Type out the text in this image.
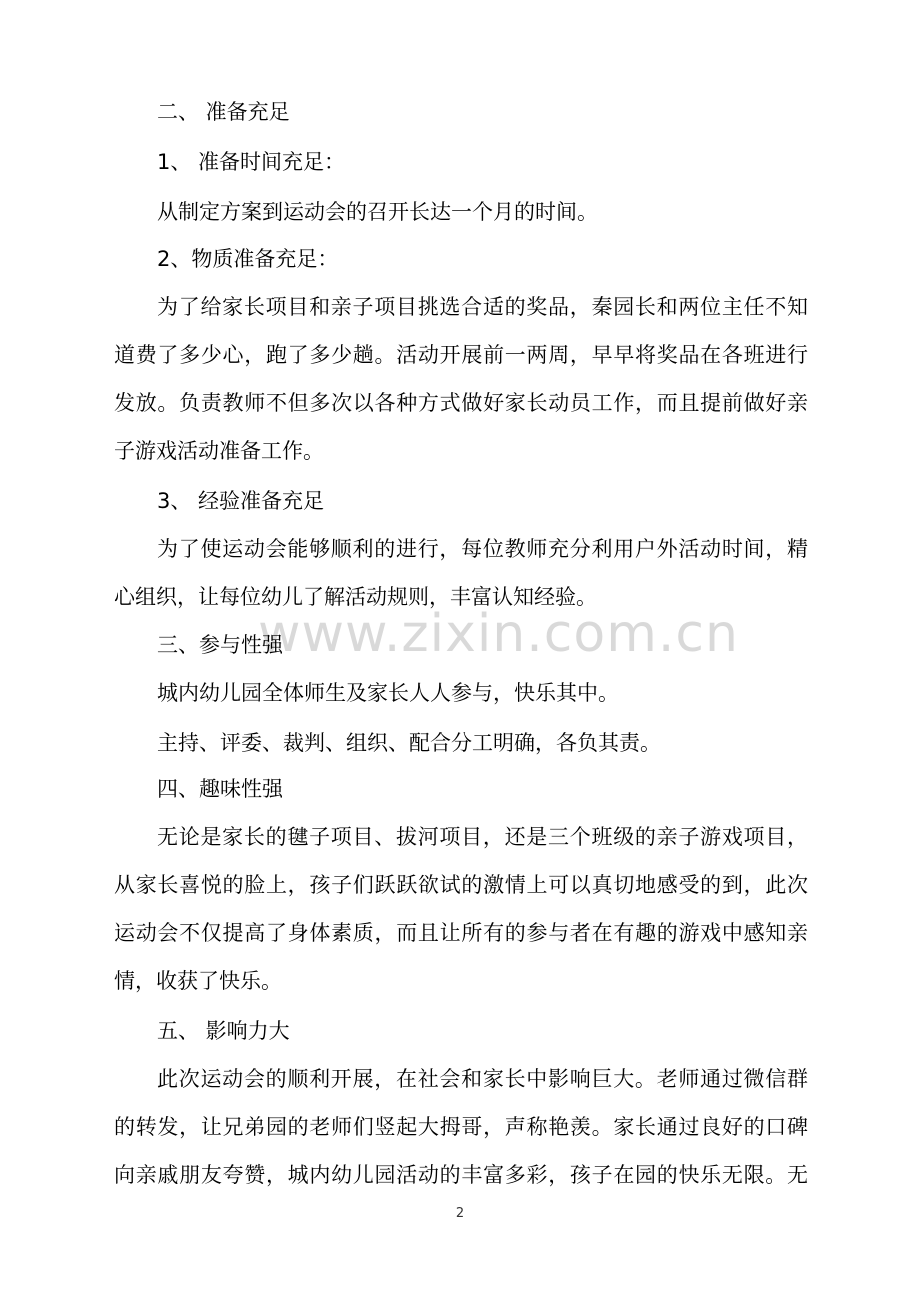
二、 准备充足
1、 准备时间充足：
从制定方案到运动会的召开长达一个月的时间。
2、物质准备充足：
为了给家长项目和亲子项目挑选合适的奖品，秦园长和两位主任不知
道费了多少心，跑了多少趟。活动开展前一两周，早早将奖品在各班进行
发放。负责教师不但多次以各种方式做好家长动员工作，而且提前做好亲
子游戏活动准备工作。
3、 经验准备充足
为了使运动会能够顺利的进行，每位教师充分利用户外活动时间，精
心组织，让每位幼儿了解活动规则，丰富认知经验。
www.zixin.com.cn
三、参与性强
城内幼儿园全体师生及家长人人参与，快乐其中。
主持、评委、裁判、组织、配合分工明确，各负其责。
四、趣味性强
无论是家长的毽子项目、拔河项目，还是三个班级的亲子游戏项目，
从家长喜悦的脸上，孩子们跃跃欲试的激情上可以真切地感受的到，此次
运动会不仅提高了身体素质，而且让所有的参与者在有趣的游戏中感知亲
情，收获了快乐。
五、 影响力大
此次运动会的顺利开展，在社会和家长中影响巨大。老师通过微信群
的转发，让兄弟园的老师们竖起大拇哥，声称艳羡。家长通过良好的口碑
向亲戚朋友夸赞，城内幼儿园活动的丰富多彩，孩子在园的快乐无限。无
2
